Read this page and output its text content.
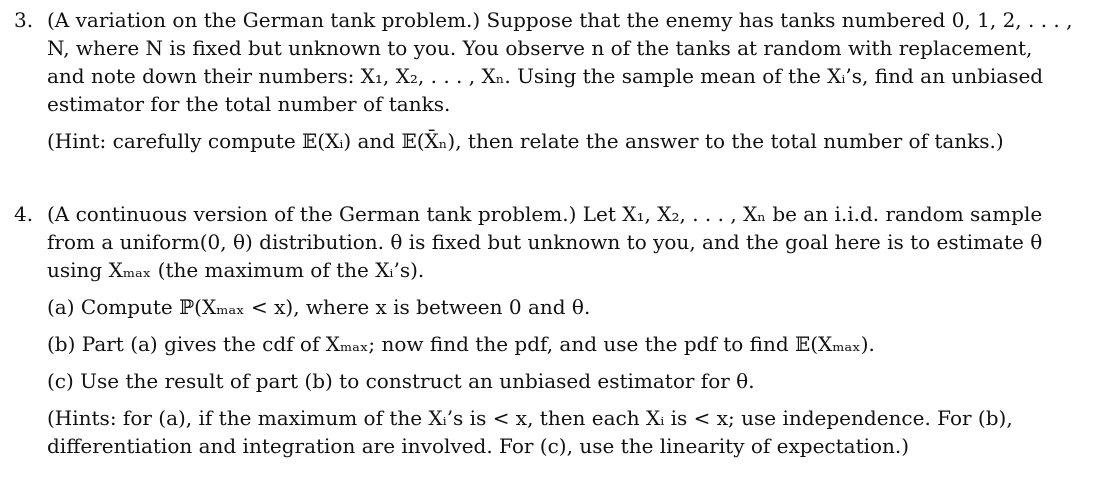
3. (A variation on the German tank problem.) Suppose that the enemy has tanks numbered 0, 1, 2, . . . ,
N, where N is fixed but unknown to you. You observe n of the tanks at random with replacement,
and note down their numbers: X₁, X₂, . . . , Xₙ. Using the sample mean of the Xᵢ’s, find an unbiased
estimator for the total number of tanks.
(Hint: carefully compute 𝔼(Xᵢ) and 𝔼(X̄ₙ), then relate the answer to the total number of tanks.)
4. (A continuous version of the German tank problem.) Let X₁, X₂, . . . , Xₙ be an i.i.d. random sample
from a uniform(0, θ) distribution. θ is fixed but unknown to you, and the goal here is to estimate θ
using Xₘₐₓ (the maximum of the Xᵢ’s).
(a) Compute ℙ(Xₘₐₓ < x), where x is between 0 and θ.
(b) Part (a) gives the cdf of Xₘₐₓ; now find the pdf, and use the pdf to find 𝔼(Xₘₐₓ).
(c) Use the result of part (b) to construct an unbiased estimator for θ.
(Hints: for (a), if the maximum of the Xᵢ’s is < x, then each Xᵢ is < x; use independence. For (b),
differentiation and integration are involved. For (c), use the linearity of expectation.)
